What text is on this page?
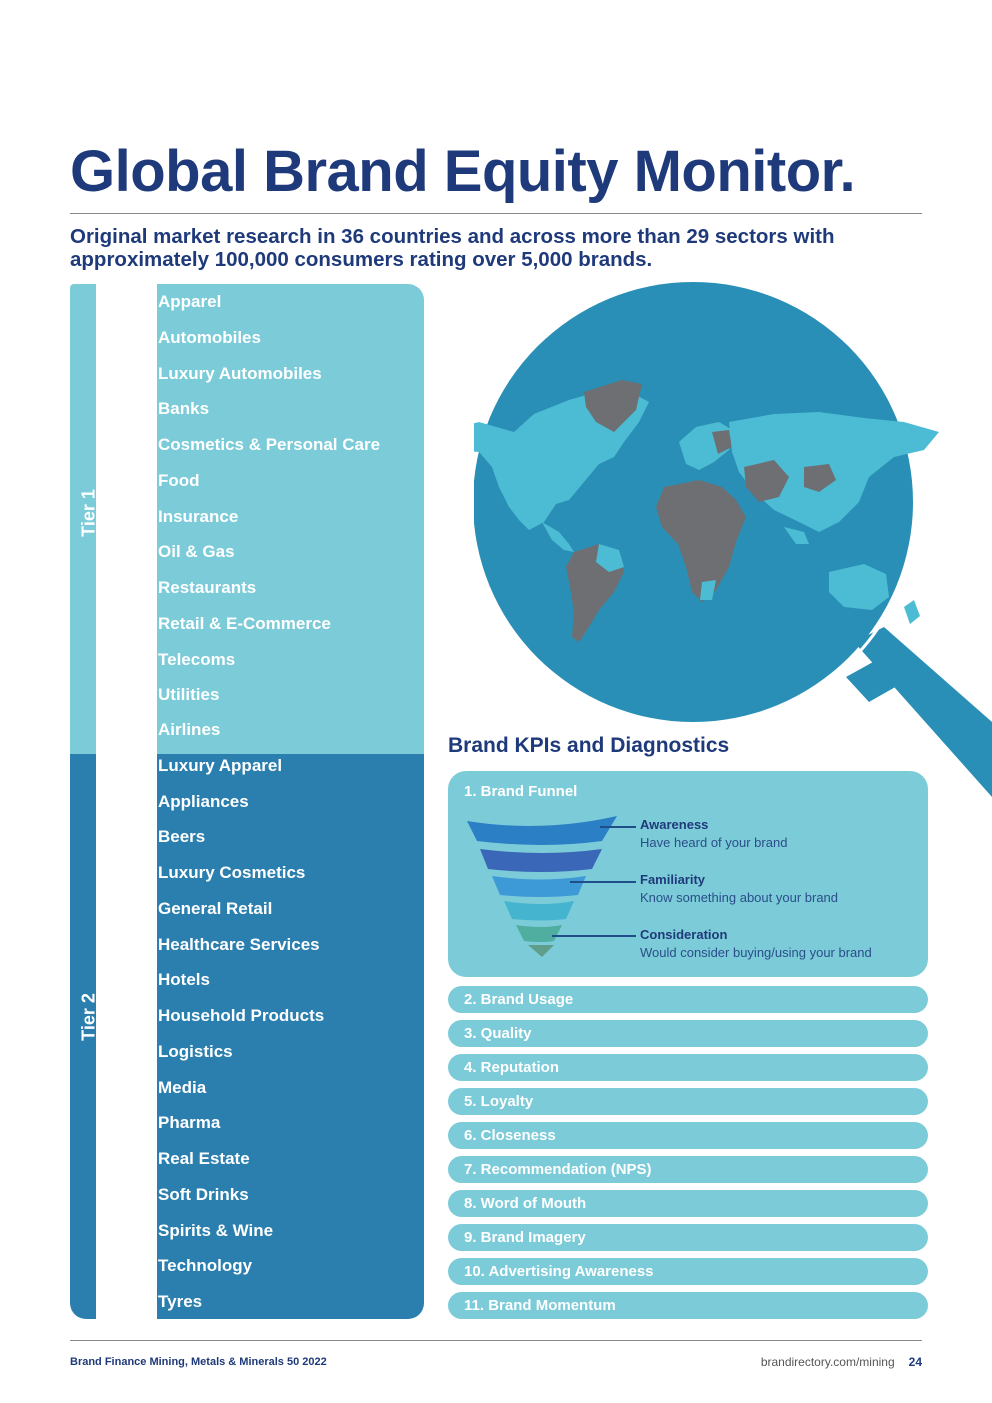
Global Brand Equity Monitor.

Original market research in 36 countries and across more than 29 sectors with approximately 100,000 consumers rating over 5,000 brands.

Tier 1
Tier 2
Apparel
Automobiles
Luxury Automobiles
Banks
Cosmetics & Personal Care
Food
Insurance
Oil & Gas
Restaurants
Retail & E-Commerce
Telecoms
Utilities
Airlines
Luxury Apparel
Appliances
Beers
Luxury Cosmetics
General Retail
Healthcare Services
Hotels
Household Products
Logistics
Media
Pharma
Real Estate
Soft Drinks
Spirits & Wine
Technology
Tyres
Brand KPIs and Diagnostics
1. Brand Funnel
Awareness
Have heard of your brand
Familiarity
Know something about your brand
Consideration
Would consider buying/using your brand
2. Brand Usage
3. Quality
4. Reputation
5. Loyalty
6. Closeness
7. Recommendation (NPS)
8. Word of Mouth
9. Brand Imagery
10. Advertising Awareness
11. Brand Momentum
Brand Finance Mining, Metals & Minerals 50 2022	brandirectory.com/mining 24
